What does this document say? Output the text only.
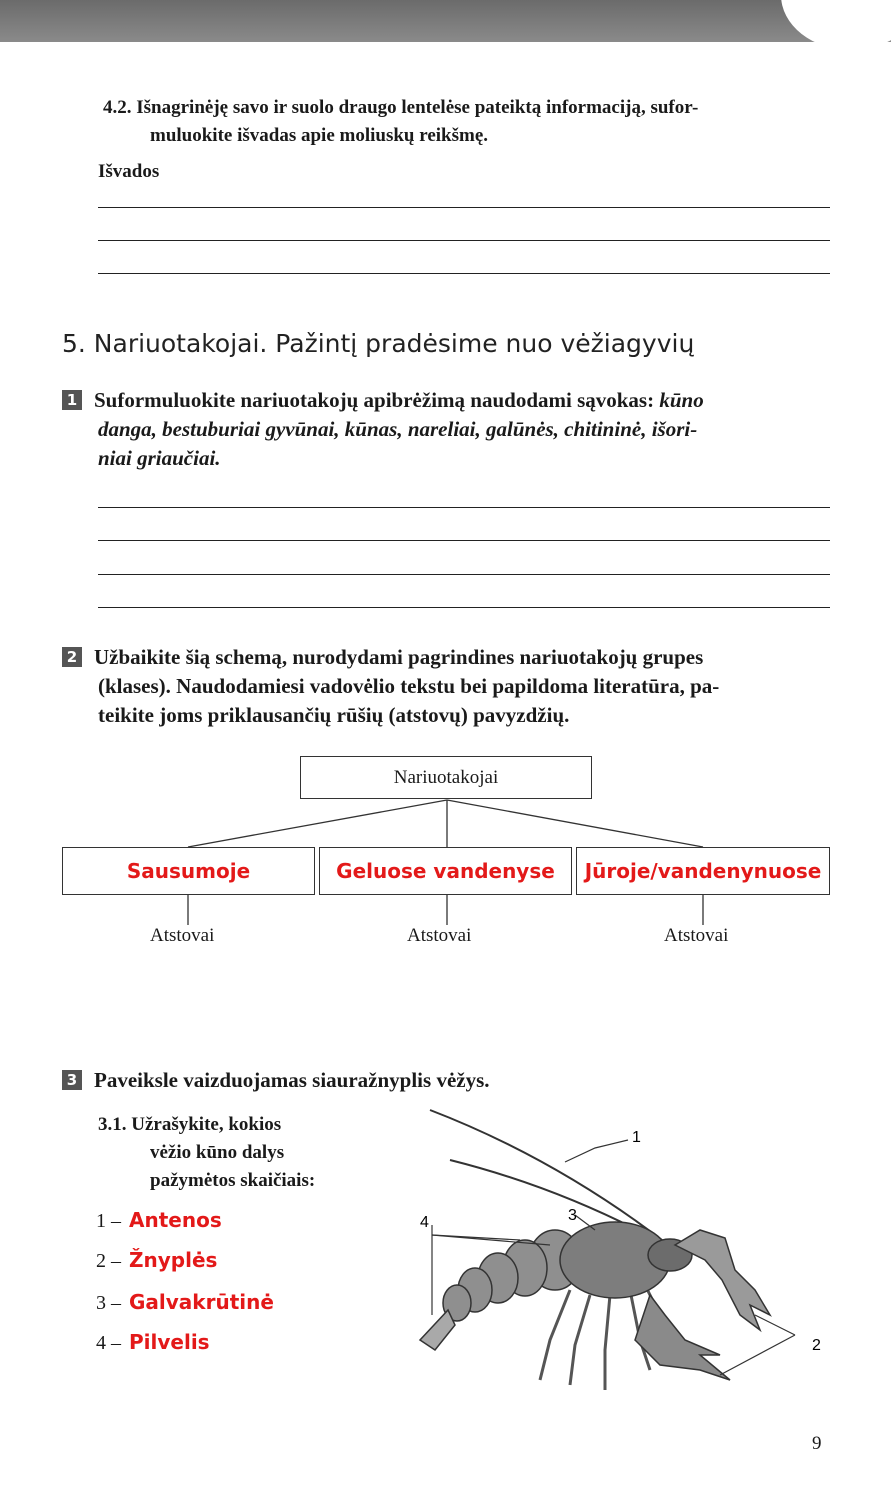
4.2. Išnagrinėję savo ir suolo draugo lentelėse pateiktą informaciją, sufor-
muluokite išvadas apie moliuskų reikšmę.
Išvados
5. Nariuotakojai. Pažintį pradėsime nuo vėžiagyvių
1 Suformuluokite nariuotakojų apibrėžimą naudodami sąvokas: kūno
danga, bestuburiai gyvūnai, kūnas, nareliai, galūnės, chitininė, išori-
niai griaučiai.
2 Užbaikite šią schemą, nurodydami pagrindines nariuotakojų grupes
(klases). Naudodamiesi vadovėlio tekstu bei papildoma literatūra, pa-
teikite joms priklausančių rūšių (atstovų) pavyzdžių.
Nariuotakojai
Sausumoje	Geluose vandenyse Jūroje/vandenynuose
Atstovai	Atstovai	Atstovai
3 Paveiksle vaizduojamas siauražnyplis vėžys.
3.1. Užrašykite, kokios
vėžio kūno dalys
pažymėtos skaičiais:
1 – Antenos
2 – Žnyplės
3 – Galvakrūtinė
4 – Pilvelis
1
2
3
4
9
